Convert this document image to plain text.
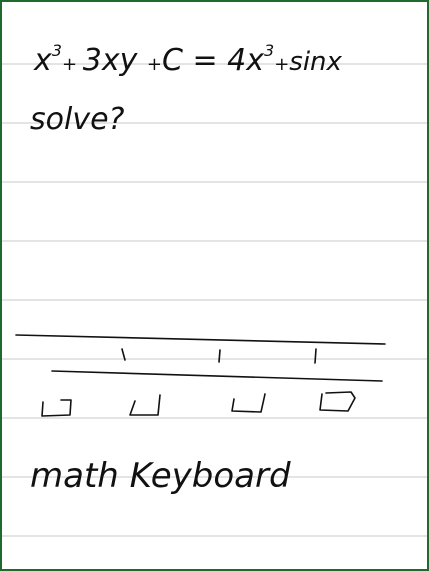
$x^3_+$ $3xy +C = 4x^3_+\sin x$
solve?
math Keyboard
